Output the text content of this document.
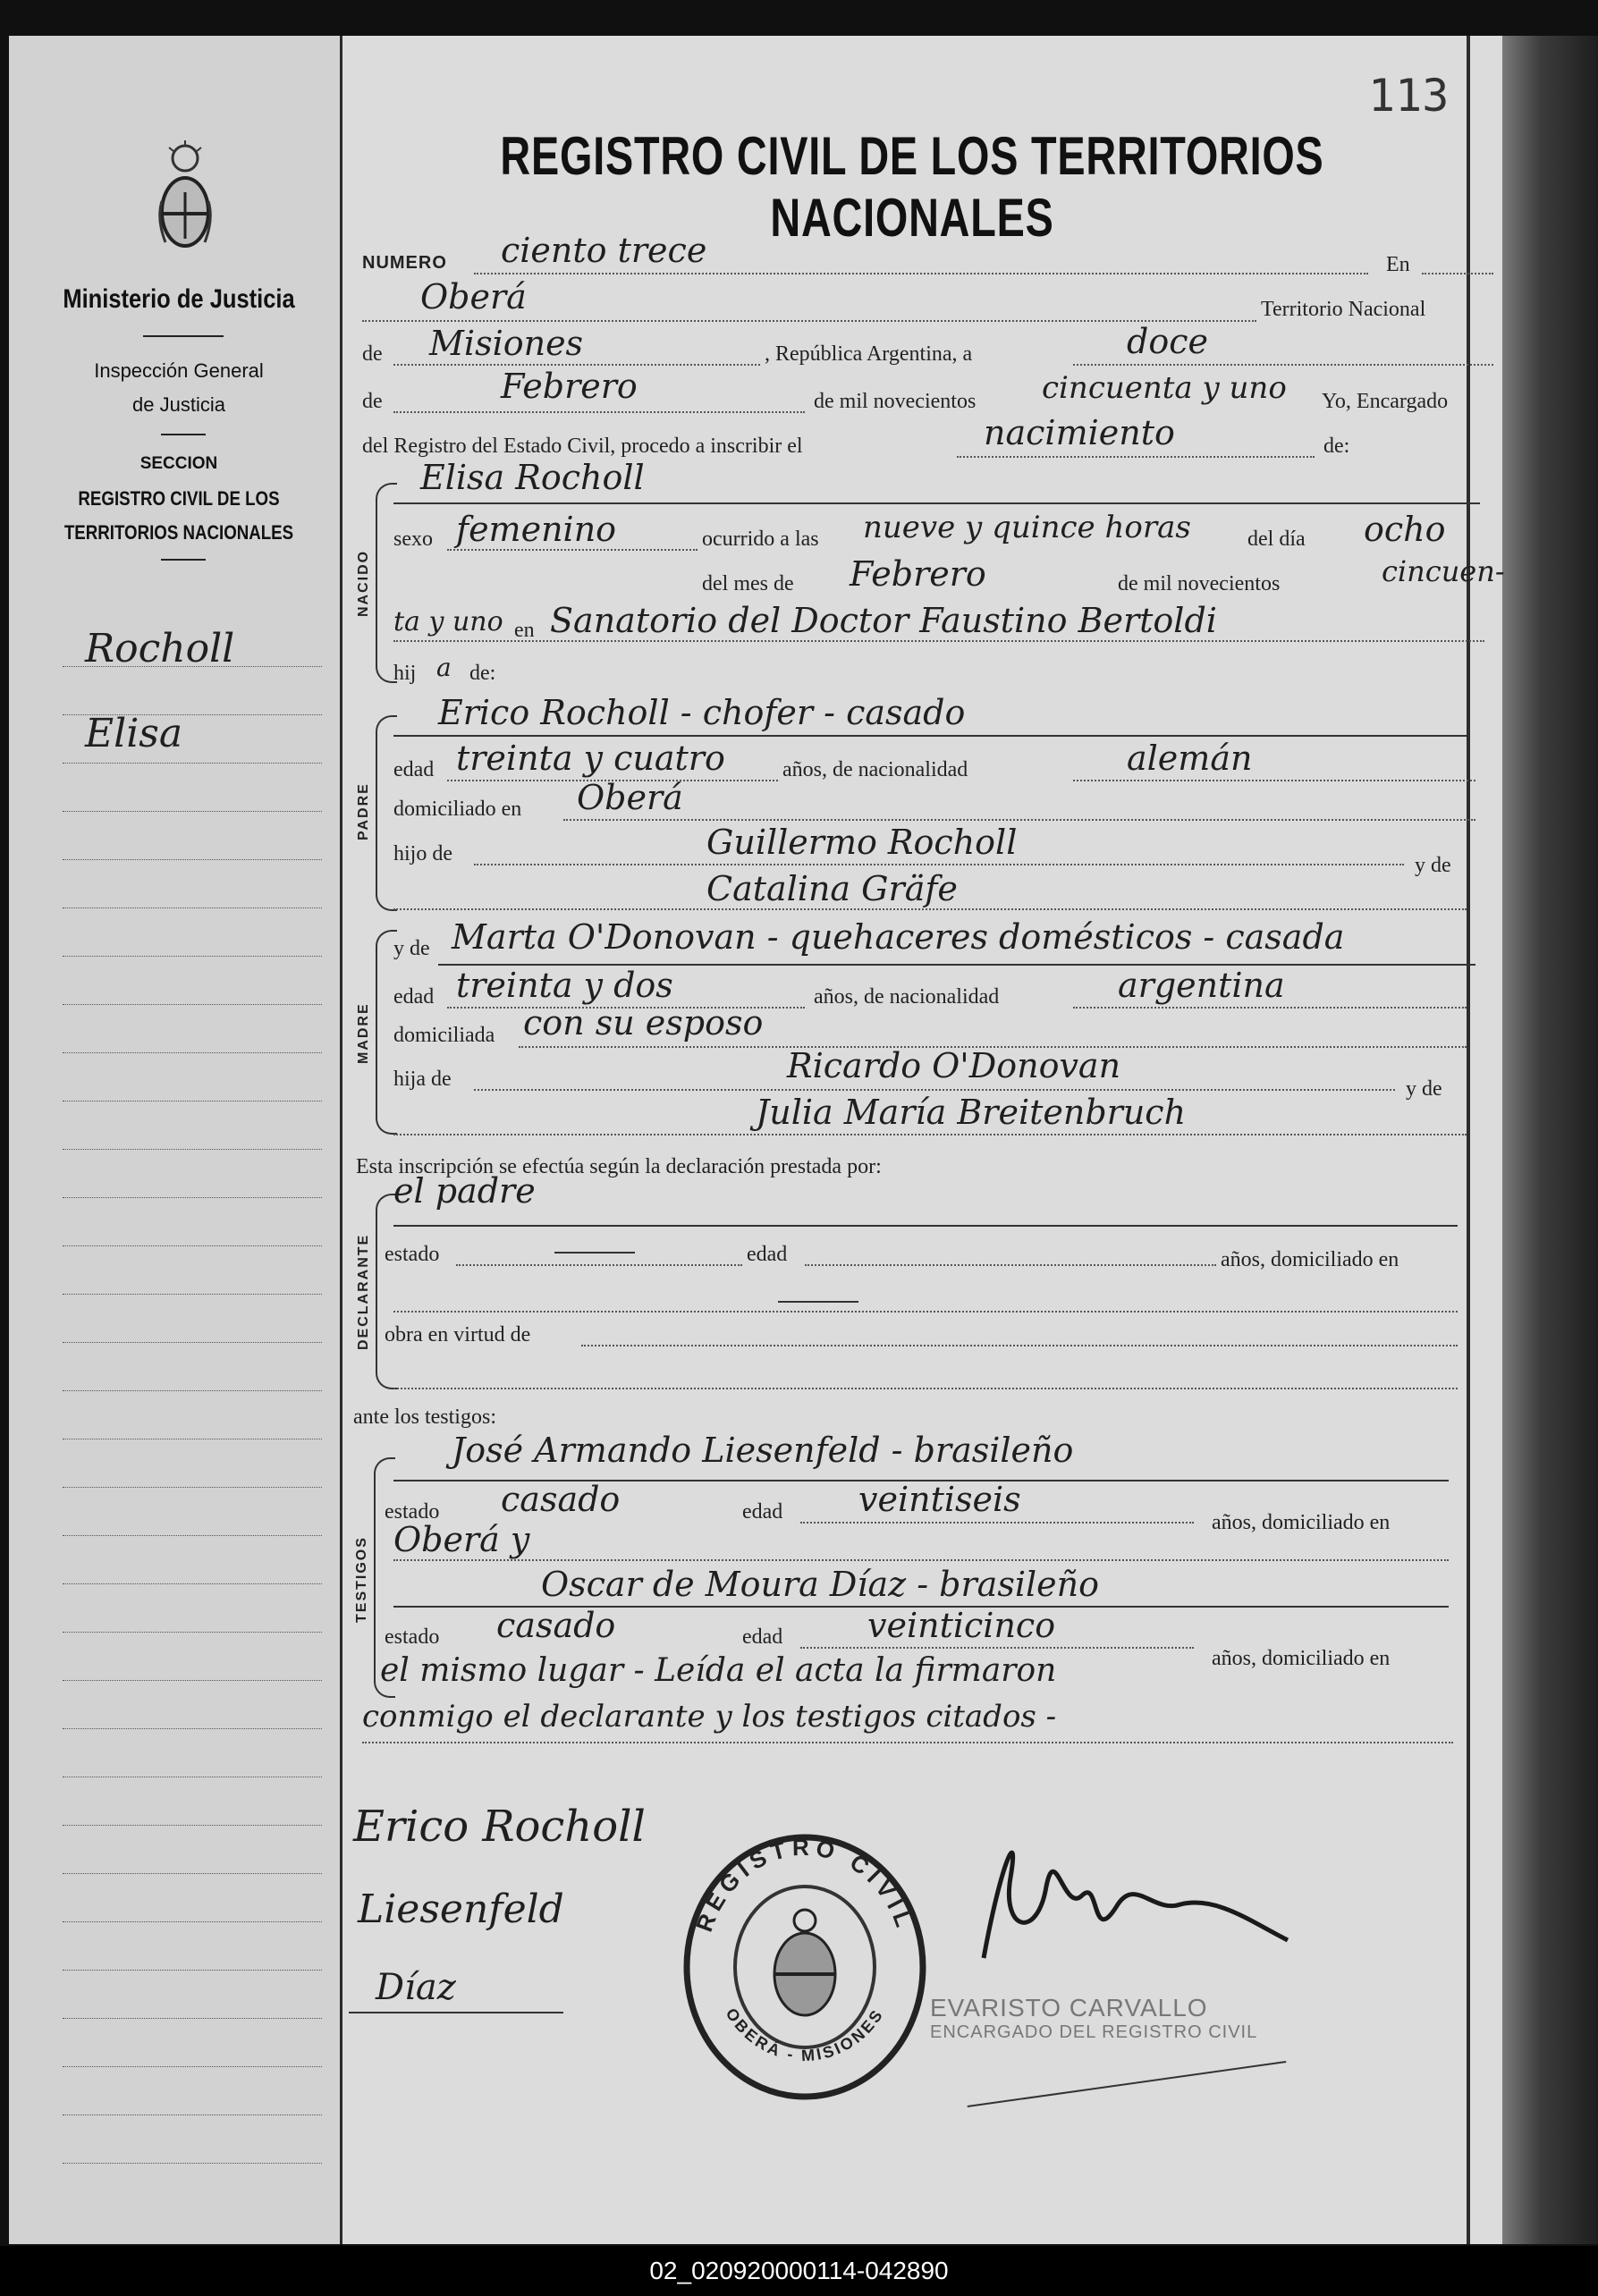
Ministerio de Justicia
Inspección General
de Justicia
SECCION
REGISTRO CIVIL DE LOS
TERRITORIOS NACIONALES
Rocholl
Elisa
113
REGISTRO CIVIL DE LOS TERRITORIOS NACIONALES
NUMERO ciento trece	En
Oberá	Territorio Nacional
de Misiones	, República Argentina, a	doce
de	Febrero	de mil novecientos cincuenta y uno Yo, Encargado
del Registro del Estado Civil, procedo a inscribir el	nacimiento	de:
NACIDO
Elisa Rocholl
sexo femenino	ocurrido a las nueve y quince horas	del día ocho
del mes de Febrero	de mil novecientos	cincuen-
ta y uno en Sanatorio del Doctor Faustino Bertoldi
hij a de:
PADRE
Erico Rocholl - chofer - casado
edad treinta y cuatro	años, de nacionalidad	alemán
domiciliado en Oberá
hijo de	Guillermo Rocholl
y de
Catalina Gräfe
MADRE
y de Marta O'Donovan - quehaceres domésticos - casada
edad treinta y dos	años, de nacionalidad	argentina
domiciliada con su esposo
hija de	Ricardo O'Donovan
y de
Julia María Breitenbruch
Esta inscripción se efectúa según la declaración prestada por:
DECLARANTE
el padre
estado	edad	años, domiciliado en
obra en virtud de
ante los testigos:
TESTIGOS
José Armando Liesenfeld - brasileño
estado casado	edad veintiseis
años, domiciliado en
Oberá y
Oscar de Moura Díaz - brasileño
estado casado	edad veinticinco
años, domiciliado en
el mismo lugar - Leída el acta la firmaron
conmigo el declarante y los testigos citados -
Erico Rocholl
Liesenfeld
Díaz
REGISTRO CIVIL
OBERÁ - MISIONES EVARISTO CARVALLO
ENCARGADO DEL REGISTRO CIVIL
02_020920000114-042890
